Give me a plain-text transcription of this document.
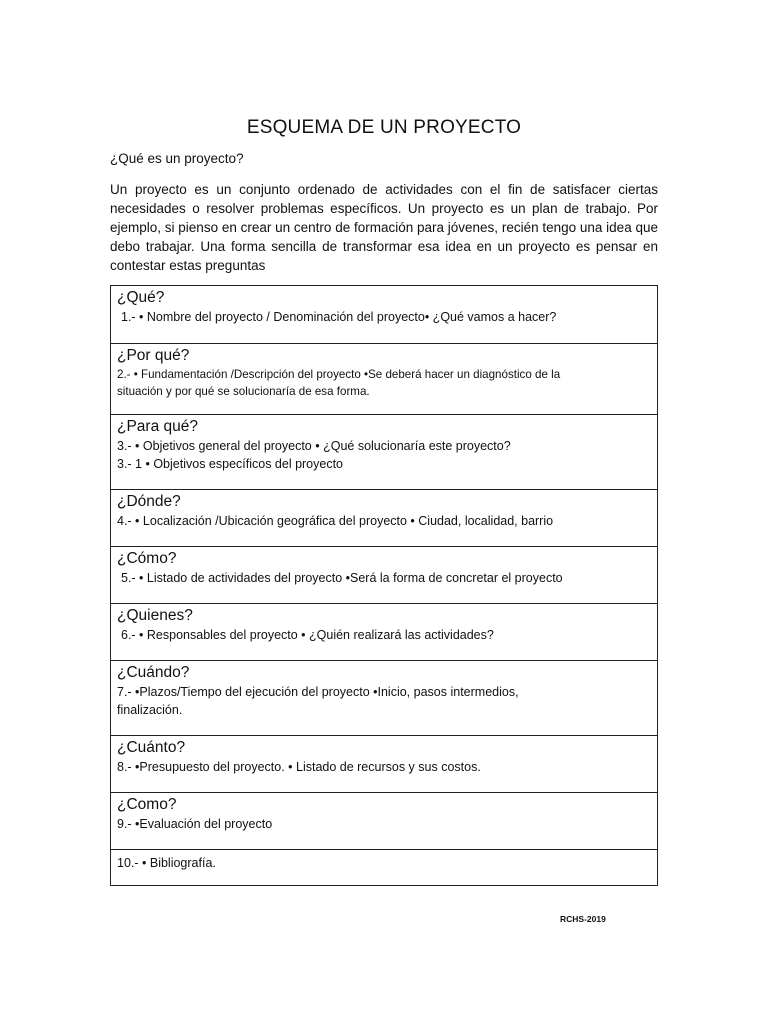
ESQUEMA DE UN PROYECTO
¿Qué es un proyecto?

Un proyecto es un conjunto ordenado de actividades con el fin de satisfacer ciertas necesidades o resolver problemas específicos. Un proyecto es un plan de trabajo. Por ejemplo, si pienso en crear un centro de formación para jóvenes, recién tengo una idea que debo trabajar. Una forma sencilla de transformar esa idea en un proyecto es pensar en contestar estas preguntas

¿Qué?
1.- • Nombre del proyecto / Denominación del proyecto• ¿Qué vamos a hacer?

¿Por qué?
2.- • Fundamentación /Descripción del proyecto •Se deberá hacer un diagnóstico de la
situación y por qué se solucionaría de esa forma.

¿Para qué?
3.- • Objetivos general del proyecto • ¿Qué solucionaría este proyecto?
3.- 1 • Objetivos específicos del proyecto

¿Dónde?
4.- • Localización /Ubicación geográfica del proyecto • Ciudad, localidad, barrio

¿Cómo?
5.- • Listado de actividades del proyecto •Será la forma de concretar el proyecto

¿Quienes?
6.- • Responsables del proyecto • ¿Quién realizará las actividades?

¿Cuándo?
7.- •Plazos/Tiempo del ejecución del proyecto •Inicio, pasos intermedios,
finalización.

¿Cuánto?
8.- •Presupuesto del proyecto. • Listado de recursos y sus costos.

¿Como?
9.- •Evaluación del proyecto

10.- • Bibliografía.
RCHS-2019
